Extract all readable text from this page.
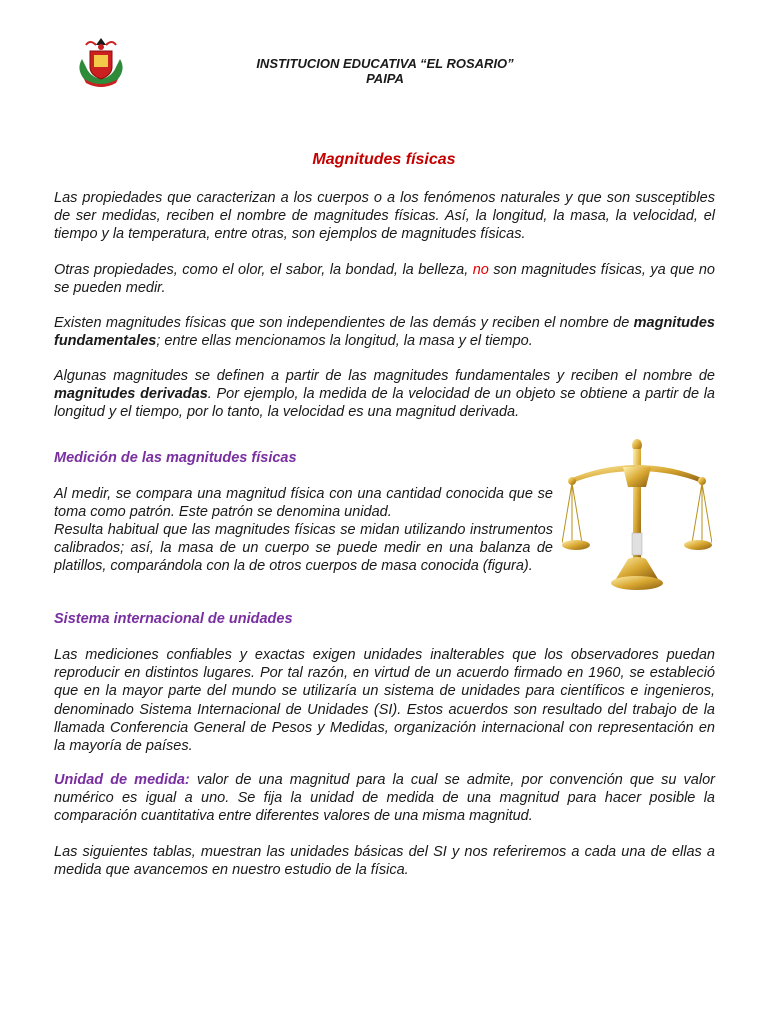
INSTITUCION EDUCATIVA “EL ROSARIO”
PAIPA
Magnitudes físicas

Las propiedades que caracterizan a los cuerpos o a los fenómenos naturales y que son susceptibles de ser medidas, reciben el nombre de magnitudes físicas. Así, la longitud, la masa, la velocidad, el tiempo y la temperatura, entre otras, son ejemplos de magnitudes físicas.

Otras propiedades, como el olor, el sabor, la bondad, la belleza, no son magnitudes físicas, ya que no se pueden medir.

Existen magnitudes físicas que son independientes de las demás y reciben el nombre de magnitudes fundamentales; entre ellas mencionamos la longitud, la masa y el tiempo.

Algunas magnitudes se definen a partir de las magnitudes fundamentales y reciben el nombre de magnitudes derivadas. Por ejemplo, la medida de la velocidad de un objeto se obtiene a partir de la longitud y el tiempo, por lo tanto, la velocidad es una magnitud derivada.

Medición de las magnitudes físicas

Al medir, se compara una magnitud física con una cantidad conocida que se toma como patrón. Este patrón se denomina unidad.

Resulta habitual que las magnitudes físicas se midan utilizando instrumentos calibrados; así, la masa de un cuerpo se puede medir en una balanza de platillos, comparándola con la de otros cuerpos de masa conocida (figura).

Sistema internacional de unidades

Las mediciones confiables y exactas exigen unidades inalterables que los observadores puedan reproducir en distintos lugares. Por tal razón, en virtud de un acuerdo firmado en 1960, se estableció que en la mayor parte del mundo se utilizaría un sistema de unidades para científicos e ingenieros, denominado Sistema Internacional de Unidades (SI). Estos acuerdos son resultado del trabajo de la llamada Conferencia General de Pesos y Medidas, organización internacional con representación en la mayoría de países.

Unidad de medida: valor de una magnitud para la cual se admite, por convención que su valor numérico es igual a uno. Se fija la unidad de medida de una magnitud para hacer posible la comparación cuantitativa entre diferentes valores de una misma magnitud.

Las siguientes tablas, muestran las unidades básicas del SI y nos referiremos a cada una de ellas a medida que avancemos en nuestro estudio de la física.
